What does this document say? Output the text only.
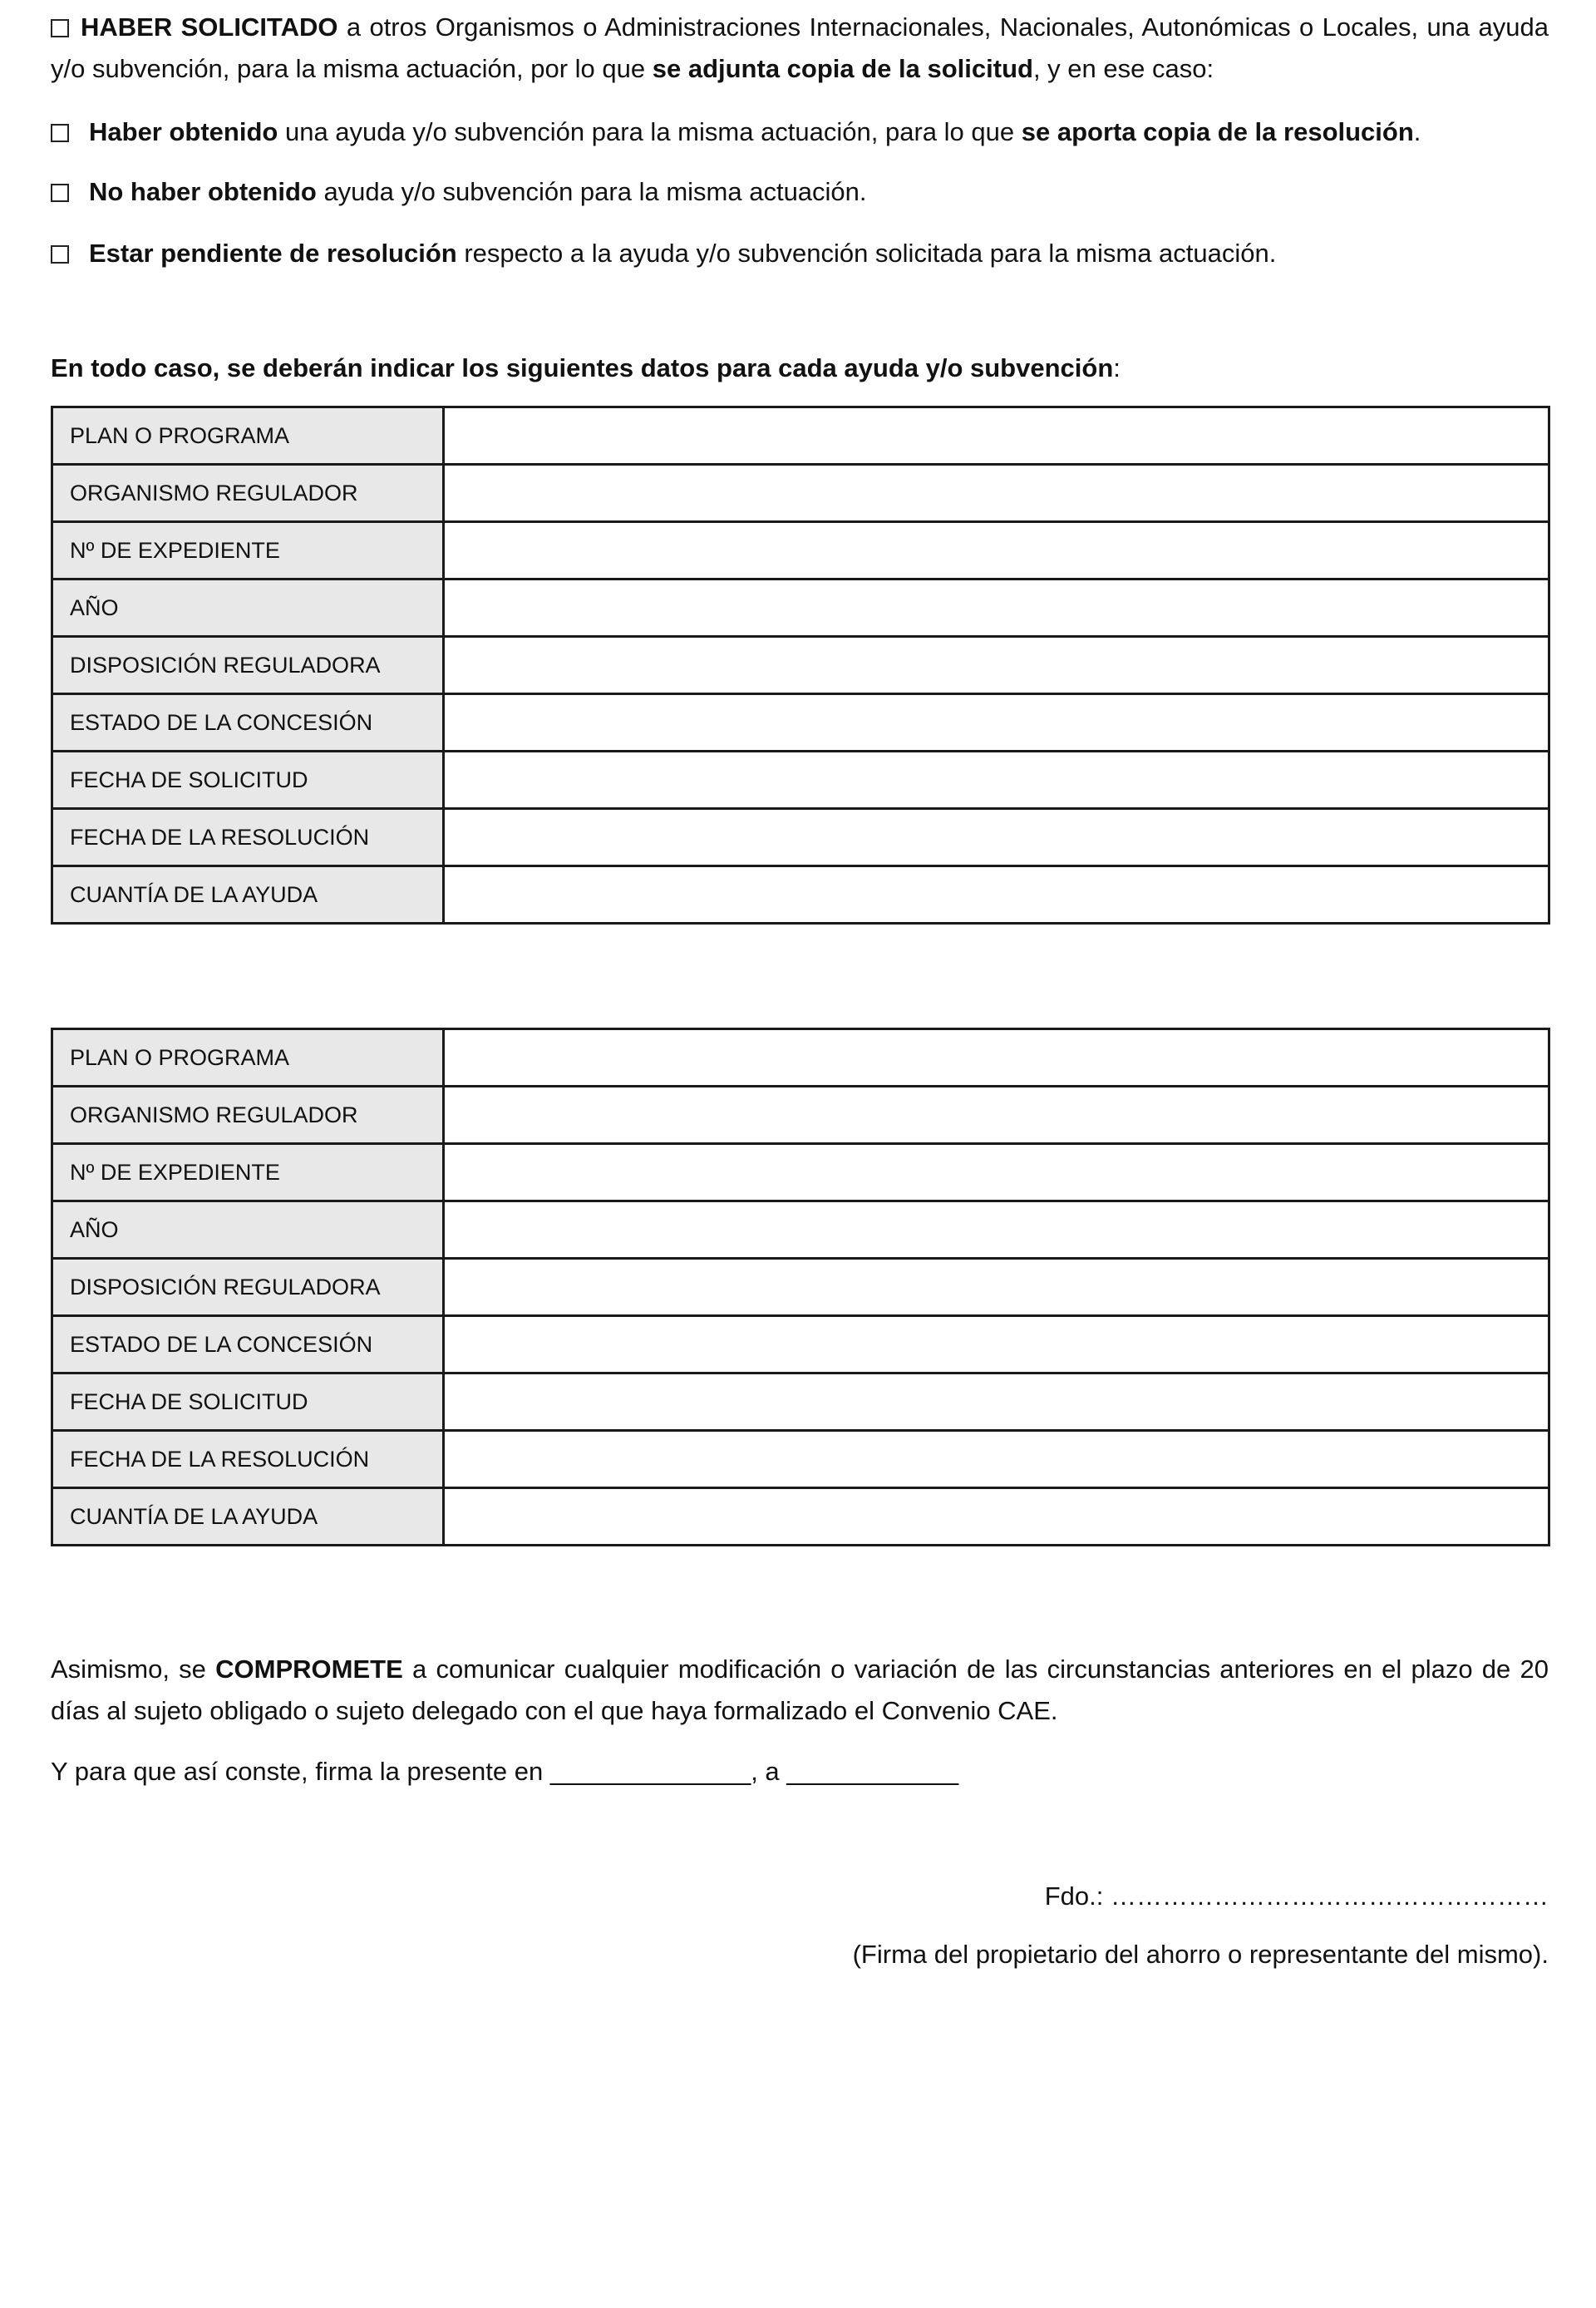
HABER SOLICITADO a otros Organismos o Administraciones Internacionales, Nacionales, Autonómicas o Locales, una ayuda y/o subvención, para la misma actuación, por lo que se adjunta copia de la solicitud, y en ese caso:

Haber obtenido una ayuda y/o subvención para la misma actuación, para lo que se aporta copia de la resolución.
No haber obtenido ayuda y/o subvención para la misma actuación.
Estar pendiente de resolución respecto a la ayuda y/o subvención solicitada para la misma actuación.
En todo caso, se deberán indicar los siguientes datos para cada ayuda y/o subvención:
PLAN O PROGRAMA	
ORGANISMO REGULADOR	
Nº DE EXPEDIENTE	
AÑO	
DISPOSICIÓN REGULADORA	
ESTADO DE LA CONCESIÓN	
FECHA DE SOLICITUD	
FECHA DE LA RESOLUCIÓN	
CUANTÍA DE LA AYUDA	
PLAN O PROGRAMA	
ORGANISMO REGULADOR	
Nº DE EXPEDIENTE	
AÑO	
DISPOSICIÓN REGULADORA	
ESTADO DE LA CONCESIÓN	
FECHA DE SOLICITUD	
FECHA DE LA RESOLUCIÓN	
CUANTÍA DE LA AYUDA	

Asimismo, se COMPROMETE a comunicar cualquier modificación o variación de las circunstancias anteriores en el plazo de 20 días al sujeto obligado o sujeto delegado con el que haya formalizado el Convenio CAE.

Y para que así conste, firma la presente en ______________, a ____________
Fdo.: ……………………………………………
(Firma del propietario del ahorro o representante del mismo).
